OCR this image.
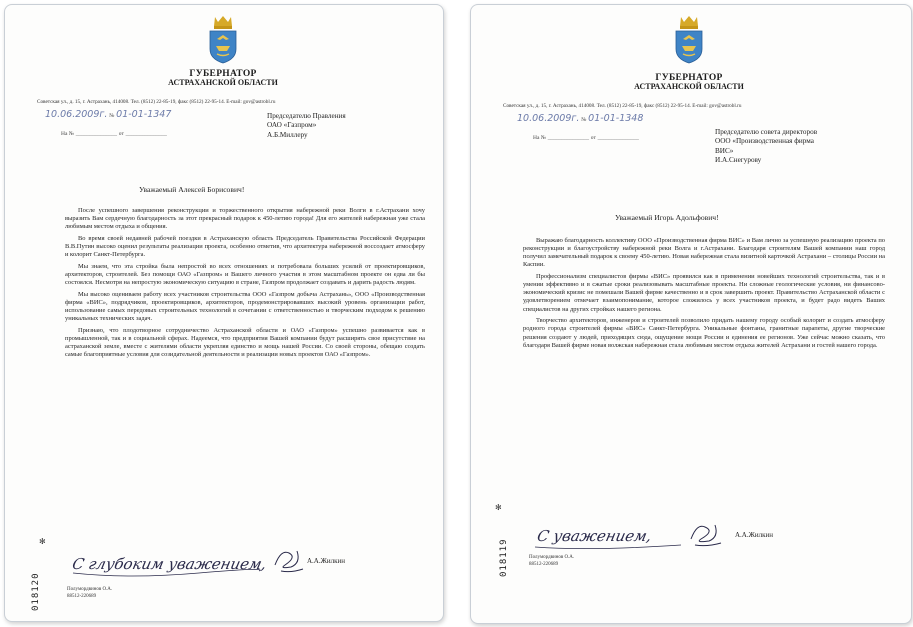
ГУБЕРНАТОР
АСТРАХАНСКОЙ ОБЛАСТИ
Советская ул., д. 15, г. Астрахань, 414008. Тел. (8512) 22-85-19, факс (8512) 22-95-14. E-mail: gov@astrobl.ru
10.06.2009г. № 01-01-1347
На № _______________ от _______________
Председателю Правления
ОАО «Газпром»
А.Б.Миллеру
Уважаемый Алексей Борисович!

После успешного завершения реконструкции и торжественного открытия набережной реки Волги в г.Астрахани хочу выразить Вам сердечную благодарность за этот прекрасный подарок к 450-летию города! Для его жителей набережная уже стала любимым местом отдыха и общения.

Во время своей недавней рабочей поездки в Астраханскую область Председатель Правительства Российской Федерации В.В.Путин высоко оценил результаты реализации проекта, особенно отметив, что архитектура набережной воссоздает атмосферу и колорит Санкт-Петербурга.

Мы знаем, что эта стройка была непростой во всех отношениях и потребовала больших усилий от проектировщиков, архитекторов, строителей. Без помощи ОАО «Газпром» и Вашего личного участия в этом масштабном проекте он едва ли бы состоялся. Несмотря на непростую экономическую ситуацию в стране, Газпром продолжает создавать и дарить радость людям.

Мы высоко оцениваем работу всех участников строительства ООО «Газпром добыча Астрахань», ООО «Производственная фирма «ВИС», подрядчиков, проектировщиков, архитекторов, продемонстрировавших высокий уровень организации работ, использование самых передовых строительных технологий в сочетании с ответственностью и творческим подходом к решению уникальных технических задач.

Признаю, что плодотворное сотрудничество Астраханской области и ОАО «Газпром» успешно развивается как в промышленной, так и в социальной сферах. Надеемся, что предприятия Вашей компании будут расширять свое присутствие на астраханской земле, вместе с жителями области укрепляя единство и мощь нашей России. Со своей стороны, обещаю создать самые благоприятные условия для созидательной деятельности и реализации новых проектов ОАО «Газпром».

✻
С глубоким уважением,	А.А.Жилкин
Полумордвинов О.А.
88512-220689
018120
ГУБЕРНАТОР
АСТРАХАНСКОЙ ОБЛАСТИ
Советская ул., д. 15, г. Астрахань, 414008. Тел. (8512) 22-85-19, факс (8512) 22-95-14. E-mail: gov@astrobl.ru
10.06.2009г. № 01-01-1348
На № _______________ от _______________
Председателю совета директоров
ООО «Производственная фирма
ВИС»
И.А.Снегурову
Уважаемый Игорь Адольфович!

Выражаю благодарность коллективу ООО «Производственная фирма ВИС» и Вам лично за успешную реализацию проекта по реконструкции и благоустройству набережной реки Волга и г.Астрахани. Благодаря строителям Вашей компании наш город получил замечательный подарок к своему 450-летию. Новая набережная стала визитной карточкой Астрахани – столицы России на Каспии.

Профессионализм специалистов фирмы «ВИС» проявился как в применении новейших технологий строительства, так и в умении эффективно и в сжатые сроки реализовывать масштабные проекты. Ни сложные геологические условия, ни финансово-экономический кризис не помешали Вашей фирме качественно и в срок завершить проект. Правительство Астраханской области с удовлетворением отмечает взаимопонимание, которое сложилось у всех участников проекта, и будет радо видеть Ваших специалистов на других стройках нашего региона.

Творчество архитекторов, инженеров и строителей позволило придать нашему городу особый колорит и создать атмосферу родного города строителей фирмы «ВИС» Санкт-Петербурга. Уникальные фонтаны, гранитные парапеты, другие творческие решения создают у людей, приходящих сюда, ощущение мощи России и единения ее регионов. Уже сейчас можно сказать, что благодаря Вашей фирме новая волжская набережная стала любимым местом отдыха жителей Астрахани и гостей нашего города.

✻
С уважением,	А.А.Жилкин
Полумордвинов О.А.
88512-220689
018119
